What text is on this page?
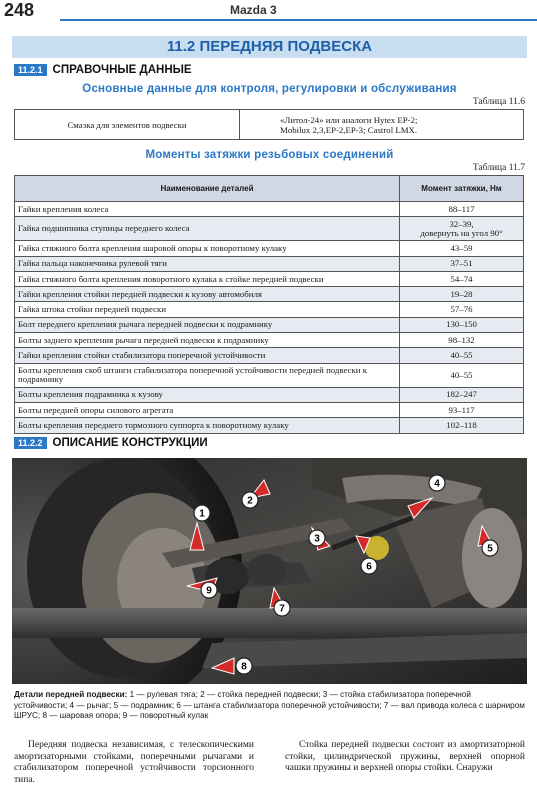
248	Mazda 3
11.2 ПЕРЕДНЯЯ ПОДВЕСКА
11.2.1 СПРАВОЧНЫЕ ДАННЫЕ
Основные данные для контроля, регулировки и обслуживания
Таблица 11.6
Смазка для элементов подвески	«Литол-24» или аналоги Hytex EP-2;
Mobilux 2,3,EP-2,EP-3; Castrol LMX.
Моменты затяжки резьбовых соединений
Таблица 11.7
Наименование деталей	Момент затяжки, Нм
Гайки крепления колеса	88–117

Гайка подшипника ступицы переднего колеса	32–39,
довернуть на угол 90°

Гайка стяжного болта крепления шаровой опоры к поворотному кулаку	43–59

Гайка пальца наконечника рулевой тяги	37–51

Гайка стяжного болта крепления поворотного кулака к стойке передней подвески	54–74

Гайки крепления стойки передней подвески к кузову автомобиля	19–28

Гайка штока стойки передней подвески	57–76

Болт переднего крепления рычага передней подвески к подрамнику	130–150

Болты заднего крепления рычага передней подвески к подрамнику	98–132

Гайки крепления стойки стабилизатора поперечной устойчивости	40–55

Болты крепления скоб штанги стабилизатора поперечной устойчивости передней подвески к подрамнику	40–55

Болты крепления подрамника к кузову	182–247

Болты передней опоры силового агрегата	93–117

Болты крепления переднего тормозного суппорта к поворотному кулаку	102–118
11.2.2 ОПИСАНИЕ КОНСТРУКЦИИ
1
2
3
4
5
6
7
8
9
Детали передней подвески: 1 — рулевая тяга; 2 — стойка передней подвески; 3 — стойка стабилизатора поперечной устойчивости; 4 — рычаг; 5 — подрамник; 6 — штанга стабилизатора поперечной устойчивости; 7 — вал привода колеса с шарниром ШРУС; 8 — шаровая опора; 9 — поворотный кулак
Передняя подвеска независимая, с телескопическими амортизаторными стойками, поперечными рычагами и стабилизатором поперечной устойчивости торсионного типа.
Стойка передней подвески состоит из амортизаторной стойки, цилиндрической пружины, верхней опорной чашки пружины и верхней опоры стойки. Снаружи
